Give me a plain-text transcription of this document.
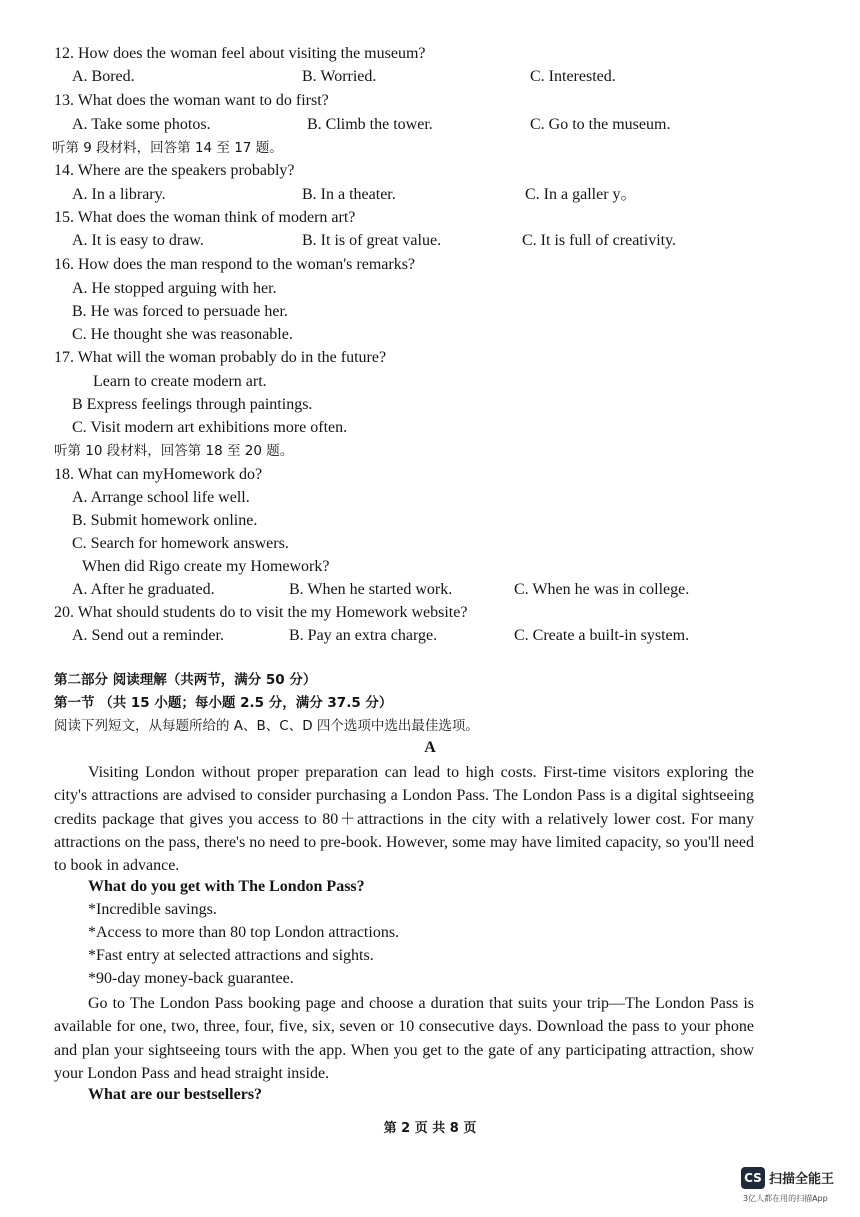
12. How does the woman feel about visiting the museum?
A. Bored.	B. Worried.	C. Interested.
13. What does the woman want to do first?
A. Take some photos.	B. Climb the tower.	C. Go to the museum.
听第 9 段材料，回答第 14 至 17 题。
14. Where are the speakers probably?
A. In a library.	B. In a theater.	C. In a galler y。
15. What does the woman think of modern art?
A. It is easy to draw.	B. It is of great value.	C. It is full of creativity.
16. How does the man respond to the woman's remarks?
A. He stopped arguing with her.
B. He was forced to persuade her.
C. He thought she was reasonable.
17. What will the woman probably do in the future?
Learn to create modern art.
B Express feelings through paintings.
C. Visit modern art exhibitions more often.
听第 10 段材料，回答第 18 至 20 题。
18. What can myHomework do?
A. Arrange school life well.
B. Submit homework online.
C. Search for homework answers.
When did Rigo create my Homework?
A. After he graduated.	B. When he started work.	C. When he was in college.
20. What should students do to visit the my Homework website?
A. Send out a reminder.	B. Pay an extra charge.	C. Create a built-in system.
第二部分 阅读理解（共两节，满分 50 分）
第一节 （共 15 小题；每小题 2.5 分，满分 37.5 分）
阅读下列短文，从每题所给的 A、B、C、D 四个选项中选出最佳选项。
A
Visiting London without proper preparation can lead to high costs. First-time visitors exploring the city's attractions are advised to consider purchasing a London Pass. The London Pass is a digital sightseeing credits package that gives you access to 80＋attractions in the city with a relatively lower cost. For many attractions on the pass, there's no need to pre-book. However, some may have limited capacity, so you'll need to book in advance.
What do you get with The London Pass?
*Incredible savings.
*Access to more than 80 top London attractions.
*Fast entry at selected attractions and sights.
*90-day money-back guarantee.
Go to The London Pass booking page and choose a duration that suits your trip—The London Pass is available for one, two, three, four, five, six, seven or 10 consecutive days. Download the pass to your phone and plan your sightseeing tours with the app. When you get to the gate of any participating attraction, show your London Pass and head straight inside.
What are our bestsellers?
第 2 页 共 8 页
CS 扫描全能王
3亿人都在用的扫描App
